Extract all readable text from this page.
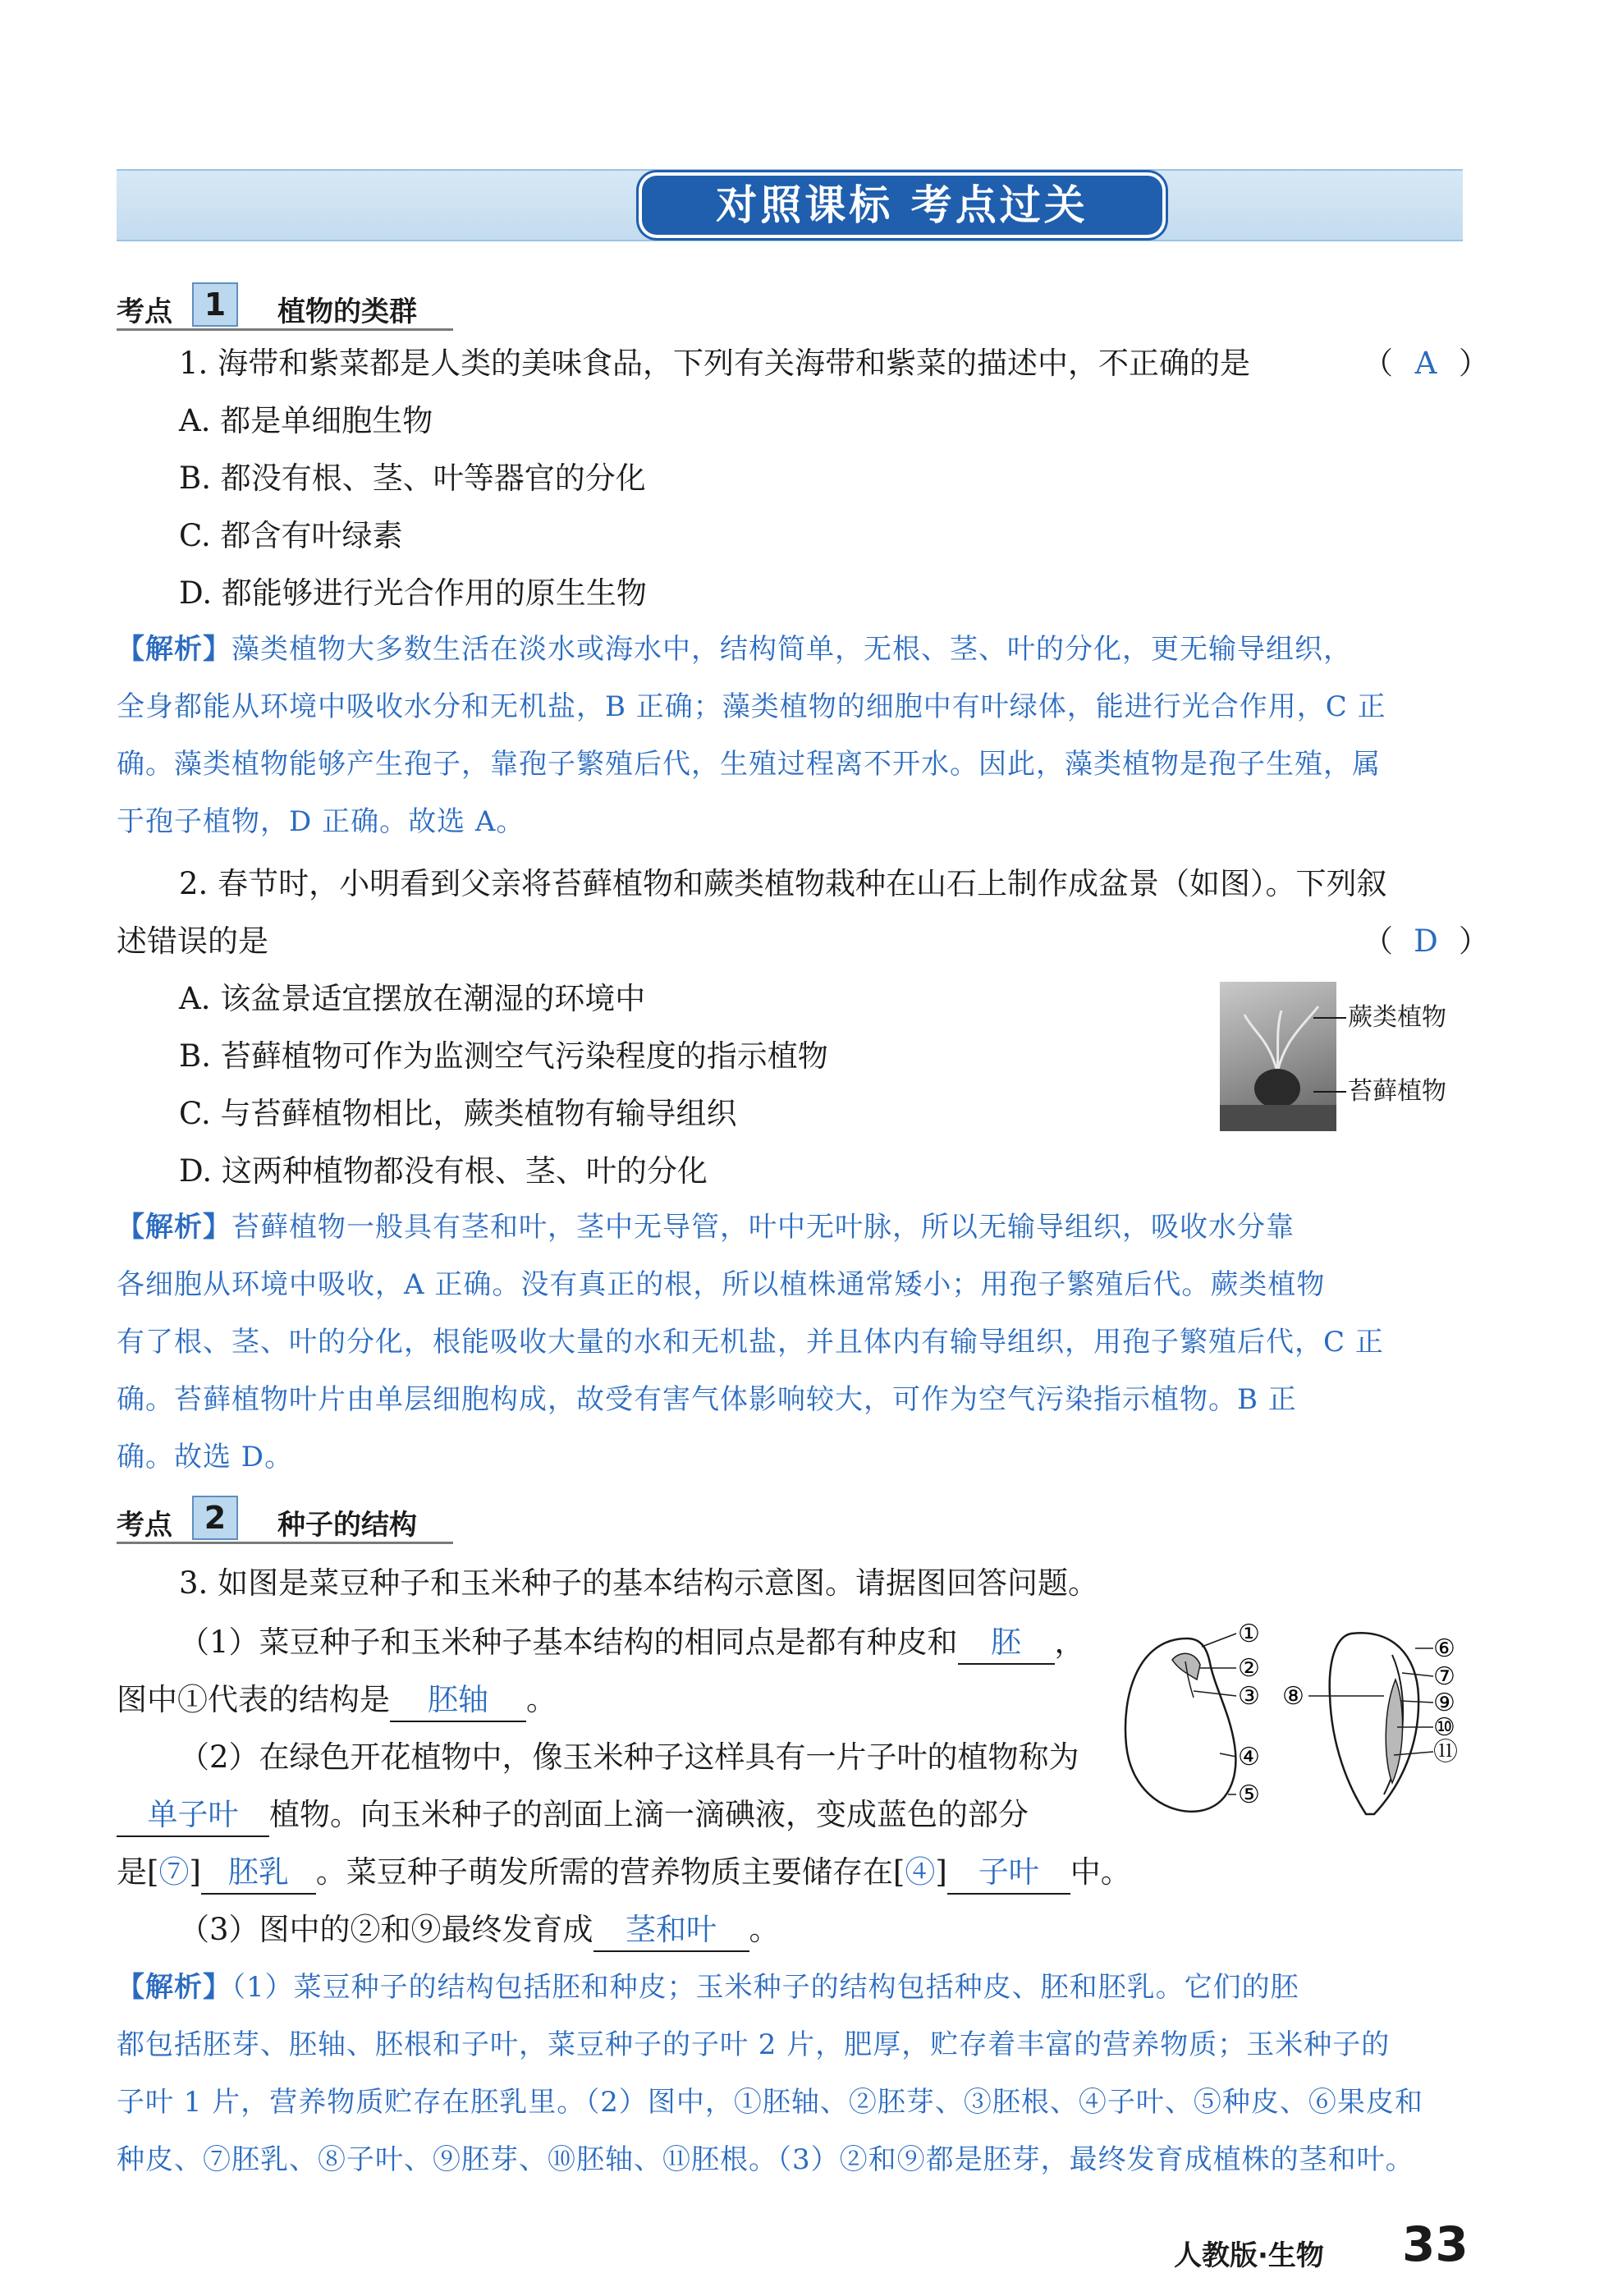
对照课标 考点过关
考点	1	植物的类群
1. 海带和紫菜都是人类的美味食品，下列有关海带和紫菜的描述中，不正确的是	（ A ）
A. 都是单细胞生物
B. 都没有根、茎、叶等器官的分化
C. 都含有叶绿素
D. 都能够进行光合作用的原生生物
【解析】藻类植物大多数生活在淡水或海水中，结构简单，无根、茎、叶的分化，更无输导组织，
全身都能从环境中吸收水分和无机盐，B 正确；藻类植物的细胞中有叶绿体，能进行光合作用，C 正
确。藻类植物能够产生孢子，靠孢子繁殖后代，生殖过程离不开水。因此，藻类植物是孢子生殖，属
于孢子植物，D 正确。故选 A。
2. 春节时，小明看到父亲将苔藓植物和蕨类植物栽种在山石上制作成盆景（如图）。下列叙
述错误的是	（ D ）
A. 该盆景适宜摆放在潮湿的环境中
B. 苔藓植物可作为监测空气污染程度的指示植物
C. 与苔藓植物相比，蕨类植物有输导组织
D. 这两种植物都没有根、茎、叶的分化
蕨类植物
苔藓植物
【解析】苔藓植物一般具有茎和叶，茎中无导管，叶中无叶脉，所以无输导组织，吸收水分靠
各细胞从环境中吸收，A 正确。没有真正的根，所以植株通常矮小；用孢子繁殖后代。蕨类植物
有了根、茎、叶的分化，根能吸收大量的水和无机盐，并且体内有输导组织，用孢子繁殖后代，C 正
确。苔藓植物叶片由单层细胞构成，故受有害气体影响较大，可作为空气污染指示植物。B 正
确。故选 D。
考点	2	种子的结构
3. 如图是菜豆种子和玉米种子的基本结构示意图。请据图回答问题。
（1）菜豆种子和玉米种子基本结构的相同点是都有种皮和 胚 ，
图中①代表的结构是 胚轴 。
（2）在绿色开花植物中，像玉米种子这样具有一片子叶的植物称为
单子叶 植物。向玉米种子的剖面上滴一滴碘液，变成蓝色的部分
是[⑦] 胚乳 。菜豆种子萌发所需的营养物质主要储存在[④] 子叶 中。
（3）图中的②和⑨最终发育成 茎和叶 。
①
②
③
④
⑤
⑥
⑦
⑧	⑨
⑩
⑪
【解析】（1）菜豆种子的结构包括胚和种皮；玉米种子的结构包括种皮、胚和胚乳。它们的胚
都包括胚芽、胚轴、胚根和子叶，菜豆种子的子叶 2 片，肥厚，贮存着丰富的营养物质；玉米种子的
子叶 1 片，营养物质贮存在胚乳里。（2）图中，①胚轴、②胚芽、③胚根、④子叶、⑤种皮、⑥果皮和
种皮、⑦胚乳、⑧子叶、⑨胚芽、⑩胚轴、⑪胚根。（3）②和⑨都是胚芽，最终发育成植株的茎和叶。
人教版·生物 33
